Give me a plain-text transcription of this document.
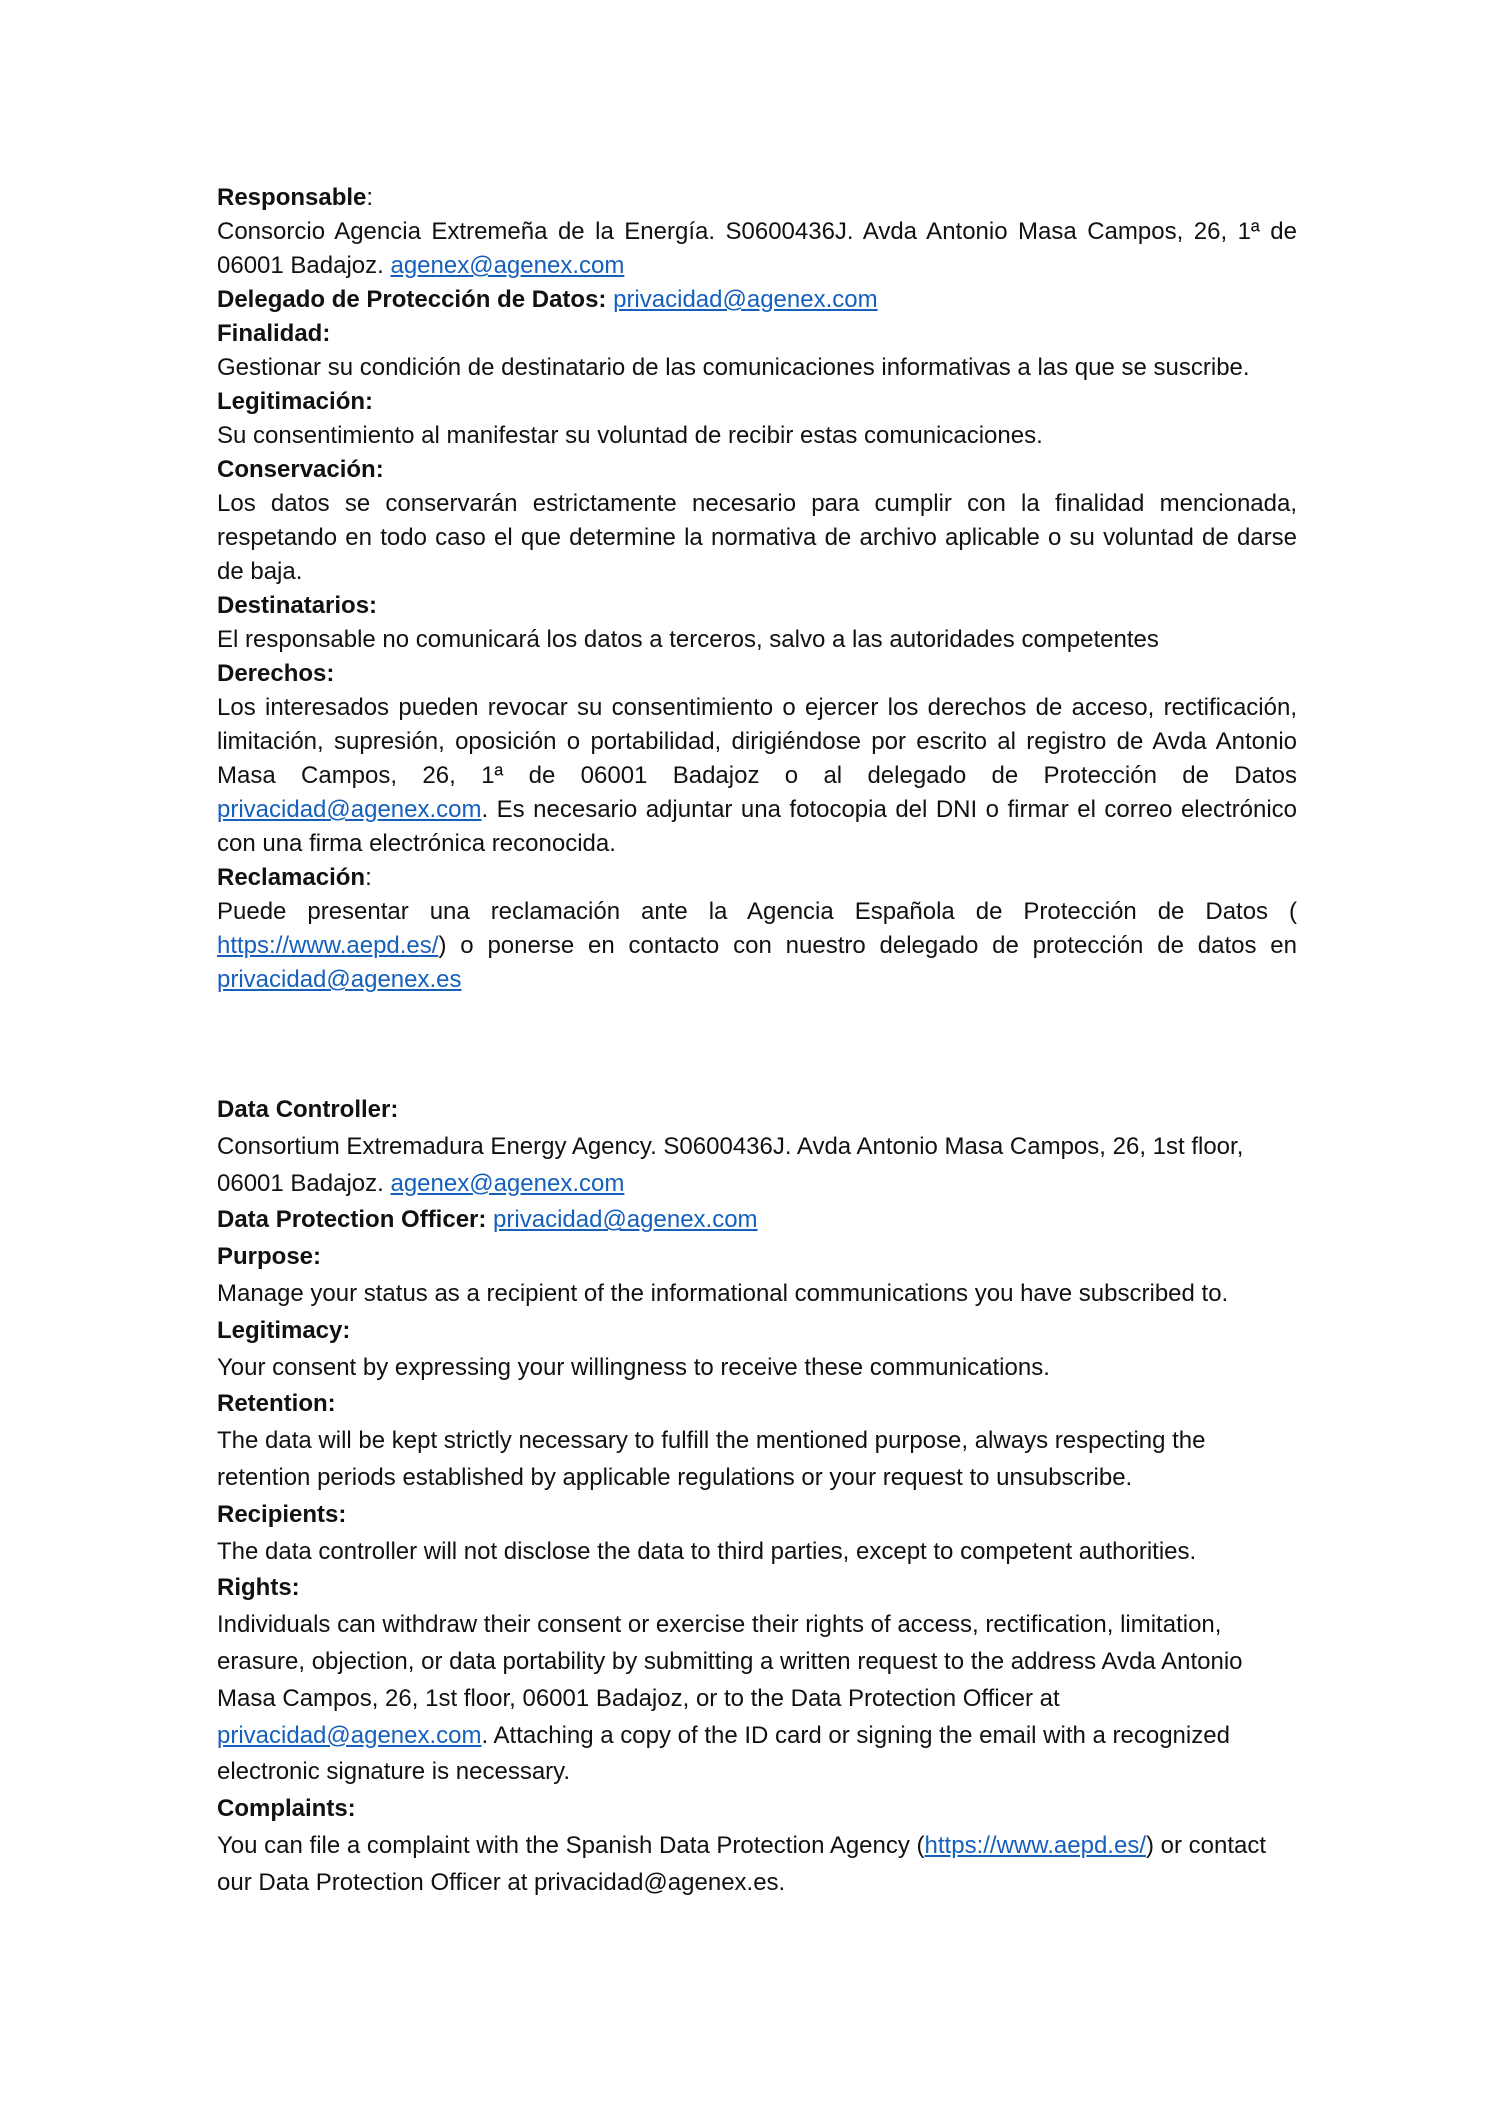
Responsable:
Consorcio Agencia Extremeña de la Energía. S0600436J. Avda Antonio Masa Campos, 26, 1ª de 06001 Badajoz. agenex@agenex.com
Delegado de Protección de Datos: privacidad@agenex.com
Finalidad:
Gestionar su condición de destinatario de las comunicaciones informativas a las que se suscribe.
Legitimación:
Su consentimiento al manifestar su voluntad de recibir estas comunicaciones.
Conservación:
Los datos se conservarán estrictamente necesario para cumplir con la finalidad mencionada, respetando en todo caso el que determine la normativa de archivo aplicable o su voluntad de darse de baja.
Destinatarios:
El responsable no comunicará los datos a terceros, salvo a las autoridades competentes
Derechos:
Los interesados pueden revocar su consentimiento o ejercer los derechos de acceso, rectificación, limitación, supresión, oposición o portabilidad, dirigiéndose por escrito al registro de Avda Antonio Masa Campos, 26, 1ª de 06001 Badajoz o al delegado de Protección de Datos privacidad@agenex.com. Es necesario adjuntar una fotocopia del DNI o firmar el correo electrónico con una firma electrónica reconocida.
Reclamación:
Puede presentar una reclamación ante la Agencia Española de Protección de Datos ( https://www.aepd.es/) o ponerse en contacto con nuestro delegado de protección de datos en privacidad@agenex.es
Data Controller:
Consortium Extremadura Energy Agency. S0600436J. Avda Antonio Masa Campos, 26, 1st floor, 06001 Badajoz. agenex@agenex.com
Data Protection Officer: privacidad@agenex.com
Purpose:
Manage your status as a recipient of the informational communications you have subscribed to.
Legitimacy:
Your consent by expressing your willingness to receive these communications.
Retention:
The data will be kept strictly necessary to fulfill the mentioned purpose, always respecting the retention periods established by applicable regulations or your request to unsubscribe.
Recipients:
The data controller will not disclose the data to third parties, except to competent authorities.
Rights:
Individuals can withdraw their consent or exercise their rights of access, rectification, limitation, erasure, objection, or data portability by submitting a written request to the address Avda Antonio Masa Campos, 26, 1st floor, 06001 Badajoz, or to the Data Protection Officer at privacidad@agenex.com. Attaching a copy of the ID card or signing the email with a recognized electronic signature is necessary.
Complaints:
You can file a complaint with the Spanish Data Protection Agency (https://www.aepd.es/) or contact our Data Protection Officer at privacidad@agenex.es.
